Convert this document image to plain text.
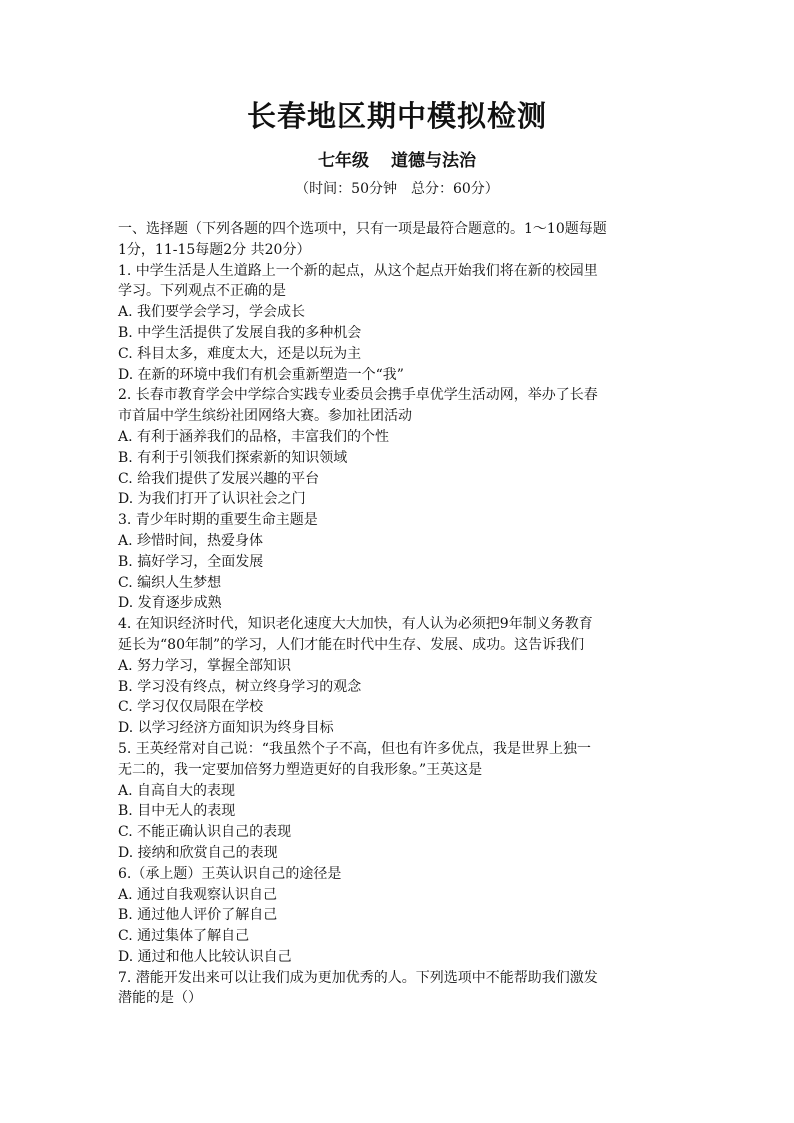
长春地区期中模拟检测
七年级 道德与法治
（时间：50分钟　总分：60分）
一、选择题（下列各题的四个选项中，只有一项是最符合题意的。1～10题每题
1分，11-15每题2分 共20分）
1. 中学生活是人生道路上一个新的起点，从这个起点开始我们将在新的校园里
学习。下列观点不正确的是
A. 我们要学会学习，学会成长
B. 中学生活提供了发展自我的多种机会
C. 科目太多，难度太大，还是以玩为主
D. 在新的环境中我们有机会重新塑造一个“我”
2. 长春市教育学会中学综合实践专业委员会携手卓优学生活动网，举办了长春
市首届中学生缤纷社团网络大赛。参加社团活动
A. 有利于涵养我们的品格，丰富我们的个性
B. 有利于引领我们探索新的知识领域
C. 给我们提供了发展兴趣的平台
D. 为我们打开了认识社会之门
3. 青少年时期的重要生命主题是
A. 珍惜时间，热爱身体
B. 搞好学习，全面发展
C. 编织人生梦想
D. 发育逐步成熟
4. 在知识经济时代，知识老化速度大大加快，有人认为必须把9年制义务教育
延长为“80年制”的学习，人们才能在时代中生存、发展、成功。这告诉我们
A. 努力学习，掌握全部知识
B. 学习没有终点，树立终身学习的观念
C. 学习仅仅局限在学校
D. 以学习经济方面知识为终身目标
5. 王英经常对自己说：“我虽然个子不高，但也有许多优点，我是世界上独一
无二的，我一定要加倍努力塑造更好的自我形象。”王英这是
A. 自高自大的表现
B. 目中无人的表现
C. 不能正确认识自己的表现
D. 接纳和欣赏自己的表现
6.（承上题）王英认识自己的途径是
A. 通过自我观察认识自己
B. 通过他人评价了解自己
C. 通过集体了解自己
D. 通过和他人比较认识自己
7. 潜能开发出来可以让我们成为更加优秀的人。下列选项中不能帮助我们激发
潜能的是（）
